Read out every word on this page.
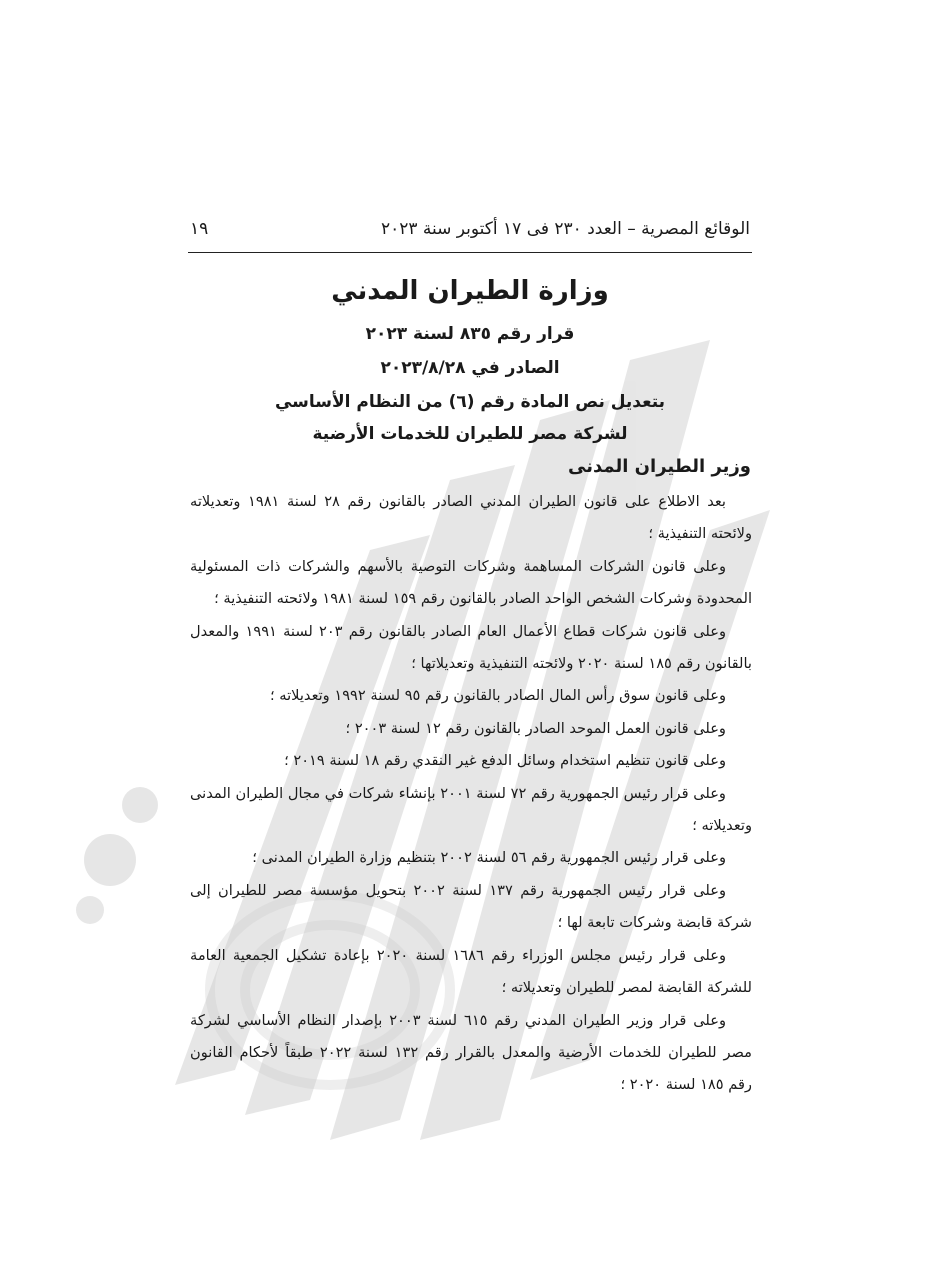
الوقائع المصرية – العدد ٢٣٠ فى ١٧ أكتوبر سنة ٢٠٢٣
١٩
وزارة الطيران المدني
قرار رقم ٨٣٥ لسنة ٢٠٢٣
الصادر في ٢٠٢٣/٨/٢٨
بتعديل نص المادة رقم (٦) من النظام الأساسي
لشركة مصر للطيران للخدمات الأرضية
وزير الطيران المدنى

بعد الاطلاع على قانون الطيران المدني الصادر بالقانون رقم ٢٨ لسنة ١٩٨١ وتعديلاته ولائحته التنفيذية ؛

وعلى قانون الشركات المساهمة وشركات التوصية بالأسهم والشركات ذات المسئولية المحدودة وشركات الشخص الواحد الصادر بالقانون رقم ١٥٩ لسنة ١٩٨١ ولائحته التنفيذية ؛

وعلى قانون شركات قطاع الأعمال العام الصادر بالقانون رقم ٢٠٣ لسنة ١٩٩١ والمعدل بالقانون رقم ١٨٥ لسنة ٢٠٢٠ ولائحته التنفيذية وتعديلاتها ؛

وعلى قانون سوق رأس المال الصادر بالقانون رقم ٩٥ لسنة ١٩٩٢ وتعديلاته ؛

وعلى قانون العمل الموحد الصادر بالقانون رقم ١٢ لسنة ٢٠٠٣ ؛

وعلى قانون تنظيم استخدام وسائل الدفع غير النقدي رقم ١٨ لسنة ٢٠١٩ ؛

وعلى قرار رئيس الجمهورية رقم ٧٢ لسنة ٢٠٠١ بإنشاء شركات في مجال الطيران المدنى وتعديلاته ؛

وعلى قرار رئيس الجمهورية رقم ٥٦ لسنة ٢٠٠٢ بتنظيم وزارة الطيران المدنى ؛

وعلى قرار رئيس الجمهورية رقم ١٣٧ لسنة ٢٠٠٢ بتحويل مؤسسة مصر للطيران إلى شركة قابضة وشركات تابعة لها ؛

وعلى قرار رئيس مجلس الوزراء رقم ١٦٨٦ لسنة ٢٠٢٠ بإعادة تشكيل الجمعية العامة للشركة القابضة لمصر للطيران وتعديلاته ؛

وعلى قرار وزير الطيران المدني رقم ٦١٥ لسنة ٢٠٠٣ بإصدار النظام الأساسي لشركة مصر للطيران للخدمات الأرضية والمعدل بالقرار رقم ١٣٢ لسنة ٢٠٢٢ طبقاً لأحكام القانون رقم ١٨٥ لسنة ٢٠٢٠ ؛
